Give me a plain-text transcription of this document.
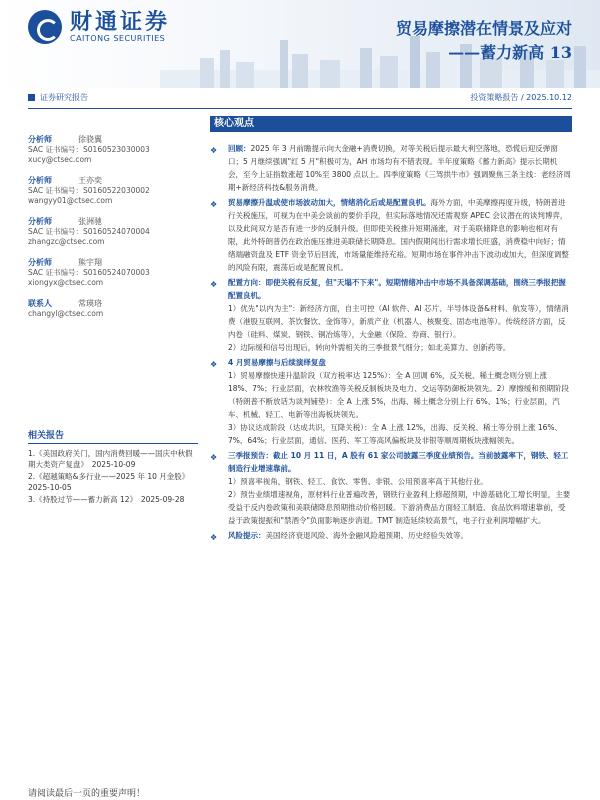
财通证券
CAITONG SECURITIES
贸易摩擦潜在情景及应对
——蓄力新高 13
证券研究报告	投资策略报告 / 2025.10.12
分析师	徐骁翼
SAC 证书编号：S0160523030003
xucy@ctsec.com
分析师	王亦奕
SAC 证书编号：S0160522030002
wangyy01@ctsec.com
分析师	张洲驰
SAC 证书编号：S0160524070004
zhangzc@ctsec.com
分析师	熊宇翔
SAC 证书编号：S0160524070003
xiongyx@ctsec.com
联系人	常瑛珞
changyl@ctsec.com
相关报告
1.《美国政府关门，国内消费回暖——国庆中秋假期大类资产复盘》　2025-10-09
2.《超越策略&多行业——2025 年 10 月金股》　2025-10-05
3.《持股过节——蓄力新高 12》　2025-09-28
核心观点
❖ 回顾：2025 年 3 月前瞻提示向大金融+消费切换，对等关税后提示最大利空落地，恐慌后迎反弹窗口；5 月继续强调"红 5 月"积极可为，AH 市场均有不错表现。半年度策略《蓄力新高》提示长期机会，至今上证指数涨超 10%至 3800 点以上。四季度策略《三驾拱牛市》强调聚焦三条主线：老经济周期+新经济科技&服务消费。
❖ 贸易摩擦升温或使市场波动加大，情绪消化后或是配置良机。海外方面，中美摩擦再度升级，特朗普进行关税施压，可视为在中美会谈前的要价手段，但实际落地情况还需观察 APEC 会议潜在的谈判博弈，以及此间双方是否有进一步的反制升级。但即使关税推升短期涌涨，对于美联储降息的影响也相对有限，此外特朗普仍在政治施压推进美联储长期降息。国内假期间出行需求增长旺盛，消费稳中向好；情绪端融资盘及 ETF 资金节后回流，市场量能维持充裕。短期市场在事件冲击下波动或加大，但深度调整的风险有限，震荡后或是配置良机。
❖ 配置方向：即使关税有反复，但"天塌不下来"。短期情绪冲击中市场不具备深调基础，围绕三季报把握配置良机。
1）优先"以内为主"：新经济方面，自主可控（AI 软件、AI 芯片、半导体设备&材料、航发等），情绪消费（港股互联网、茶饮餐饮、金饰等），新质产业（机器人、核聚变、固态电池等）。传统经济方面，反内卷（硅料、煤炭、钢铁、铜冶炼等），大金融（保险、券商、银行）。
2）边际缓和信号出现后，转向外需相关的三季报景气细分；如北美算力、创新药等。
❖ 4 月贸易摩擦与后续演绎复盘
1）贸易摩擦快速升温阶段（双方税率达 125%）：全 A 回调 6%，反关税、稀土概念则分别上涨 18%、7%；行业层面，农林牧渔等关税反制板块及电力、交运等防御板块领先。2）摩擦缓和预期阶段（特朗普不断放话为谈判铺垫）：全 A 上涨 5%，出海、稀土概念分别上行 6%、1%；行业层面，汽车、机械、轻工、电新等出海板块领先。
3）协议达成阶段（达成共识，互降关税）：全 A 上涨 12%，出海、反关税、稀土等分别上涨 16%、7%、64%；行业层面，通信、医药、军工等高风偏板块及非银等顺周期板块涨幅领先。
❖ 三季报预告：截止 10 月 11 日，A 股有 61 家公司披露三季度业绩预告。当前披露率下，钢铁、轻工制造行业增速靠前。
1）预喜率视角，钢铁、轻工、食饮、零售、非银、公用预喜率高于其他行业。
2）预告业绩增速视角，原材料行业普遍改善，钢铁行业盈利上修超预期，中游基础化工增长明显，主要受益于反内卷政策和美联储降息预期推动价格回暖。下游消费品方面轻工制造、食品饮料增速靠前，受益于政策提振和"禁酒令"负面影响逐步消退。TMT 制造延续较高景气，电子行业利润增幅扩大。
❖ 风险提示：美国经济衰退风险、海外金融风险超预期、历史经验失效等。
请阅读最后一页的重要声明！
